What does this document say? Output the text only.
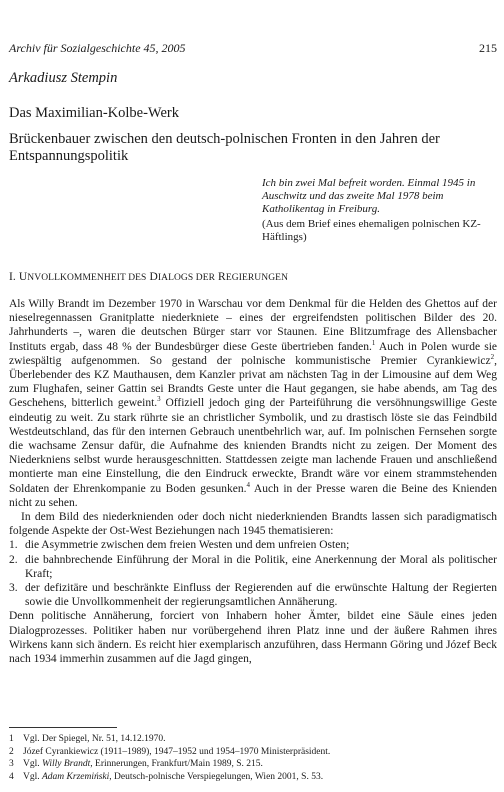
Archiv für Sozialgeschichte 45, 2005	215
Arkadiusz Stempin
Das Maximilian-Kolbe-Werk
Brückenbauer zwischen den deutsch-polnischen Fronten in den Jahren der Entspannungspolitik
Ich bin zwei Mal befreit worden. Einmal 1945 in Auschwitz und das zweite Mal 1978 beim Katholikentag in Freiburg.
(Aus dem Brief eines ehemaligen polnischen KZ-Häftlings)
I. UNVOLLKOMMENHEIT DES DIALOGS DER REGIERUNGEN

Als Willy Brandt im Dezember 1970 in Warschau vor dem Denkmal für die Helden des Ghettos auf der nieselregennassen Granitplatte niederkniete – eines der ergreifendsten politischen Bilder des 20. Jahrhunderts –, waren die deutschen Bürger starr vor Staunen. Eine Blitzumfrage des Allensbacher Instituts ergab, dass 48 % der Bundesbürger diese Geste übertrieben fanden.$^1$ Auch in Polen wurde sie zwiespältig aufgenommen. So gestand der polnische kommunistische Premier Cyrankiewicz$^2$, Überlebender des KZ Mauthausen, dem Kanzler privat am nächsten Tag in der Limousine auf dem Weg zum Flughafen, seiner Gattin sei Brandts Geste unter die Haut gegangen, sie habe abends, am Tag des Geschehens, bitterlich geweint.$^3$ Offiziell jedoch ging der Parteiführung die versöhnungswillige Geste eindeutig zu weit. Zu stark rührte sie an christlicher Symbolik, und zu drastisch löste sie das Feindbild Westdeutschland, das für den internen Gebrauch unentbehrlich war, auf. Im polnischen Fernsehen sorgte die wachsame Zensur dafür, die Aufnahme des knienden Brandts nicht zu zeigen. Der Moment des Niederkniens selbst wurde herausgeschnitten. Stattdessen zeigte man lachende Frauen und anschließend montierte man eine Einstellung, die den Eindruck erweckte, Brandt wäre vor einem strammstehenden Soldaten der Ehrenkompanie zu Boden gesunken.$^4$ Auch in der Presse waren die Beine des Knienden nicht zu sehen.

In dem Bild des niederknienden oder doch nicht niederknienden Brandts lassen sich paradigmatisch folgende Aspekte der Ost-West Beziehungen nach 1945 thematisieren:

1. die Asymmetrie zwischen dem freien Westen und dem unfreien Osten;
2. die bahnbrechende Einführung der Moral in die Politik, eine Anerkennung der Moral als politischer Kraft;
3. der defizitäre und beschränkte Einfluss der Regierenden auf die erwünschte Haltung der Regierten sowie die Unvollkommenheit der regierungsamtlichen Annäherung.

Denn politische Annäherung, forciert von Inhabern hoher Ämter, bildet eine Säule eines jeden Dialogprozesses. Politiker haben nur vorübergehend ihren Platz inne und der äußere Rahmen ihres Wirkens kann sich ändern. Es reicht hier exemplarisch anzuführen, dass Hermann Göring und Józef Beck nach 1934 immerhin zusammen auf die Jagd gingen,

1 Vgl. Der Spiegel, Nr. 51, 14.12.1970.
2 Józef Cyrankiewicz (1911–1989), 1947–1952 und 1954–1970 Ministerpräsident.
3 Vgl. Willy Brandt, Erinnerungen, Frankfurt/Main 1989, S. 215.
4 Vgl. Adam Krzemiński, Deutsch-polnische Verspiegelungen, Wien 2001, S. 53.
